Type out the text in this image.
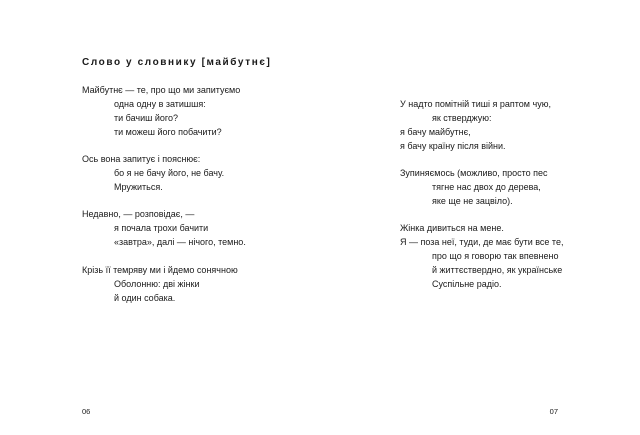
Слово у словнику [майбутнє]
Майбутнє — те, про що ми запитуємо
одна одну в затишшя:
ти бачиш його?
ти можеш його побачити?
Ось вона запитує і пояснює:
бо я не бачу його, не бачу.
Мружиться.
Недавно, — розповідає, —
я почала трохи бачити
«завтра», далі — нічого, темно.
Крізь її темряву ми і йдемо сонячною
Оболонню: дві жінки
й один собака.
06
У надто помітній тиші я раптом чую,
як стверджую:
я бачу майбутнє,
я бачу країну після війни.
Зупиняємось (можливо, просто пес
тягне нас двох до дерева,
яке ще не зацвіло).
Жінка дивиться на мене.
Я — поза неї, туди, де має бути все те,
про що я говорю так впевнено
й життєстверднo, як українське
Суспільне радіо.
07
